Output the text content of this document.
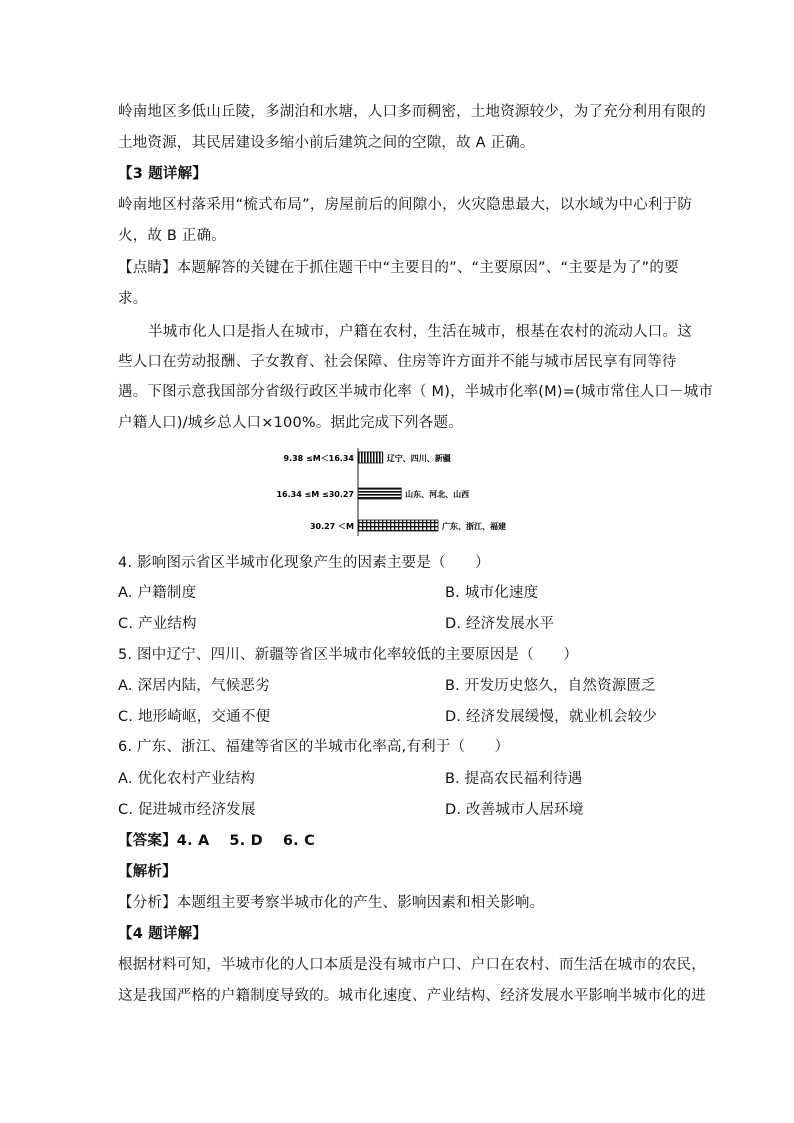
岭南地区多低山丘陵，多湖泊和水塘，人口多而稠密，土地资源较少，为了充分利用有限的
土地资源，其民居建设多缩小前后建筑之间的空隙，故 A 正确。
【3 题详解】
岭南地区村落采用“梳式布局”，房屋前后的间隙小，火灾隐患最大，以水域为中心利于防
火，故 B 正确。
【点睛】本题解答的关键在于抓住题干中“主要目的”、“主要原因”、“主要是为了”的要
求。
半城市化人口是指人在城市，户籍在农村，生活在城市，根基在农村的流动人口。这
些人口在劳动报酬、子女教育、社会保障、住房等许方面并不能与城市居民享有同等待
遇。下图示意我国部分省级行政区半城市化率（ M)，半城市化率(M)=(城市常住人口－城市
户籍人口)/城乡总人口×100%。据此完成下列各题。
9.38 ≤M＜16.34	辽宁、四川、新疆
16.34 ≤M ≤30.27	山东、河北、山西
30.27 ＜M	广东、浙江、福建
4. 影响图示省区半城市化现象产生的因素主要是（　　）
A. 户籍制度	B. 城市化速度
C. 产业结构	D. 经济发展水平
5. 图中辽宁、四川、新疆等省区半城市化率较低的主要原因是（　　）
A. 深居内陆，气候恶劣	B. 开发历史悠久，自然资源匮乏
C. 地形崎岖，交通不便	D. 经济发展缓慢，就业机会较少
6. 广东、浙江、福建等省区的半城市化率高,有利于（　　）
A. 优化农村产业结构	B. 提高农民福利待遇
C. 促进城市经济发展	D. 改善城市人居环境
【答案】4. A　 5. D　 6. C
【解析】
【分析】本题组主要考察半城市化的产生、影响因素和相关影响。
【4 题详解】
根据材料可知，半城市化的人口本质是没有城市户口、户口在农村、而生活在城市的农民，
这是我国严格的户籍制度导致的。城市化速度、产业结构、经济发展水平影响半城市化的进
